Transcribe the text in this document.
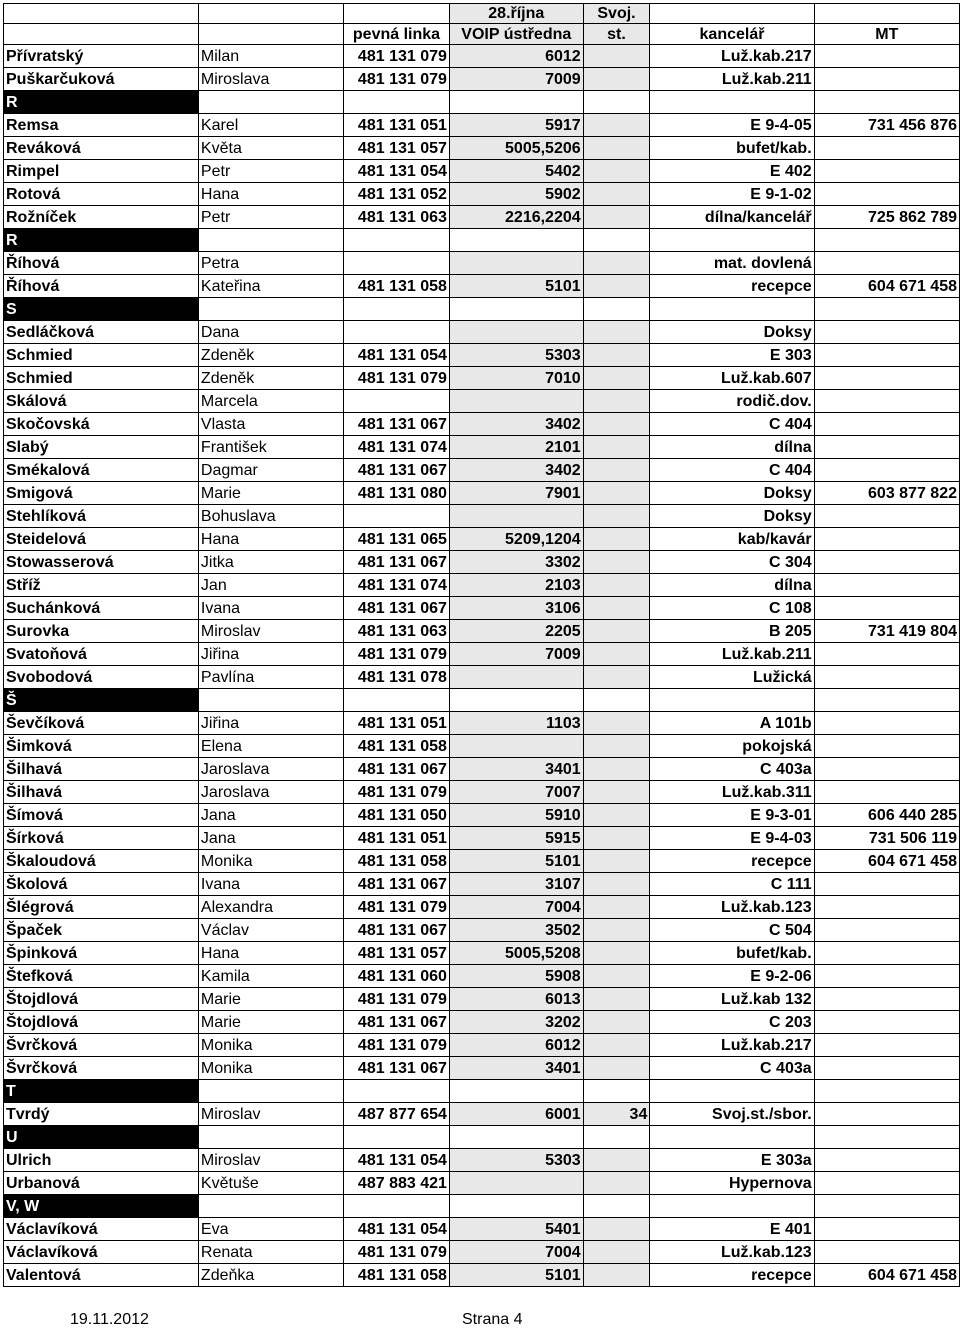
			28.října	Svoj.		
		pevná linka	VOIP ústředna	st.	kancelář	MT
Přívratský	Milan	481 131 079	6012		Luž.kab.217	
Puškarčuková	Miroslava	481 131 079	7009		Luž.kab.211	
R						
Remsa	Karel	481 131 051	5917		E 9-4-05	731 456 876
Reváková	Květa	481 131 057	5005,5206		bufet/kab.	
Rimpel	Petr	481 131 054	5402		E 402	
Rotová	Hana	481 131 052	5902		E 9-1-02	
Rožníček	Petr	481 131 063	2216,2204		dílna/kancelář	725 862 789
R						
Říhová	Petra				mat. dovlená	
Říhová	Kateřina	481 131 058	5101		recepce	604 671 458
S						
Sedláčková	Dana				Doksy	
Schmied	Zdeněk	481 131 054	5303		E 303	
Schmied	Zdeněk	481 131 079	7010		Luž.kab.607	
Skálová	Marcela				rodič.dov.	
Skočovská	Vlasta	481 131 067	3402		C 404	
Slabý	František	481 131 074	2101		dílna	
Smékalová	Dagmar	481 131 067	3402		C 404	
Smigová	Marie	481 131 080	7901		Doksy	603 877 822
Stehlíková	Bohuslava				Doksy	
Steidelová	Hana	481 131 065	5209,1204		kab/kavár	
Stowasserová	Jitka	481 131 067	3302		C 304	
Stříž	Jan	481 131 074	2103		dílna	
Suchánková	Ivana	481 131 067	3106		C 108	
Surovka	Miroslav	481 131 063	2205		B 205	731 419 804
Svatoňová	Jiřina	481 131 079	7009		Luž.kab.211	
Svobodová	Pavlína	481 131 078			Lužická	
Š						
Ševčíková	Jiřina	481 131 051	1103		A 101b	
Šimková	Elena	481 131 058			pokojská	
Šilhavá	Jaroslava	481 131 067	3401		C 403a	
Šilhavá	Jaroslava	481 131 079	7007		Luž.kab.311	
Šímová	Jana	481 131 050	5910		E 9-3-01	606 440 285
Šírková	Jana	481 131 051	5915		E 9-4-03	731 506 119
Škaloudová	Monika	481 131 058	5101		recepce	604 671 458
Školová	Ivana	481 131 067	3107		C 111	
Šlégrová	Alexandra	481 131 079	7004		Luž.kab.123	
Špaček	Václav	481 131 067	3502		C 504	
Špinková	Hana	481 131 057	5005,5208		bufet/kab.	
Štefková	Kamila	481 131 060	5908		E 9-2-06	
Štojdlová	Marie	481 131 079	6013		Luž.kab 132	
Štojdlová	Marie	481 131 067	3202		C 203	
Švrčková	Monika	481 131 079	6012		Luž.kab.217	
Švrčková	Monika	481 131 067	3401		C 403a	
T						
Tvrdý	Miroslav	487 877 654	6001	34	Svoj.st./sbor.	
U						
Ulrich	Miroslav	481 131 054	5303		E 303a	
Urbanová	Květuše	487 883 421			Hypernova	
V, W						
Václavíková	Eva	481 131 054	5401		E 401	
Václavíková	Renata	481 131 079	7004		Luž.kab.123	
Valentová	Zdeňka	481 131 058	5101		recepce	604 671 458
19.11.2012	Strana 4
